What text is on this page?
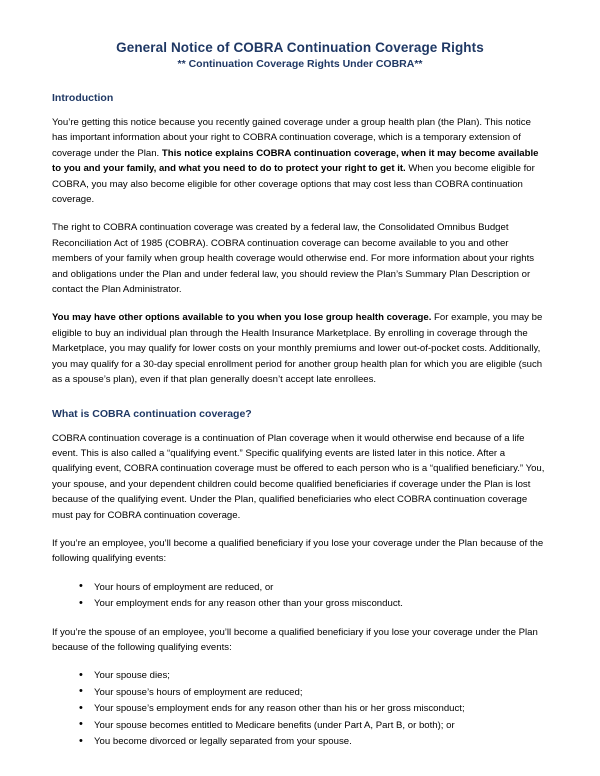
General Notice of COBRA Continuation Coverage Rights
** Continuation Coverage Rights Under COBRA**
Introduction

You’re getting this notice because you recently gained coverage under a group health plan (the Plan). This notice has important information about your right to COBRA continuation coverage, which is a temporary extension of coverage under the Plan. This notice explains COBRA continuation coverage, when it may become available to you and your family, and what you need to do to protect your right to get it. When you become eligible for COBRA, you may also become eligible for other coverage options that may cost less than COBRA continuation coverage.

The right to COBRA continuation coverage was created by a federal law, the Consolidated Omnibus Budget Reconciliation Act of 1985 (COBRA). COBRA continuation coverage can become available to you and other members of your family when group health coverage would otherwise end. For more information about your rights and obligations under the Plan and under federal law, you should review the Plan’s Summary Plan Description or contact the Plan Administrator.

You may have other options available to you when you lose group health coverage. For example, you may be eligible to buy an individual plan through the Health Insurance Marketplace. By enrolling in coverage through the Marketplace, you may qualify for lower costs on your monthly premiums and lower out-of-pocket costs. Additionally, you may qualify for a 30-day special enrollment period for another group health plan for which you are eligible (such as a spouse’s plan), even if that plan generally doesn’t accept late enrollees.

What is COBRA continuation coverage?

COBRA continuation coverage is a continuation of Plan coverage when it would otherwise end because of a life event. This is also called a “qualifying event.” Specific qualifying events are listed later in this notice. After a qualifying event, COBRA continuation coverage must be offered to each person who is a “qualified beneficiary.” You, your spouse, and your dependent children could become qualified beneficiaries if coverage under the Plan is lost because of the qualifying event. Under the Plan, qualified beneficiaries who elect COBRA continuation coverage must pay for COBRA continuation coverage.

If you’re an employee, you’ll become a qualified beneficiary if you lose your coverage under the Plan because of the following qualifying events:

• Your hours of employment are reduced, or
• Your employment ends for any reason other than your gross misconduct.

If you’re the spouse of an employee, you’ll become a qualified beneficiary if you lose your coverage under the Plan because of the following qualifying events:

• Your spouse dies;
• Your spouse’s hours of employment are reduced;
• Your spouse’s employment ends for any reason other than his or her gross misconduct;
• Your spouse becomes entitled to Medicare benefits (under Part A, Part B, or both); or
• You become divorced or legally separated from your spouse.
